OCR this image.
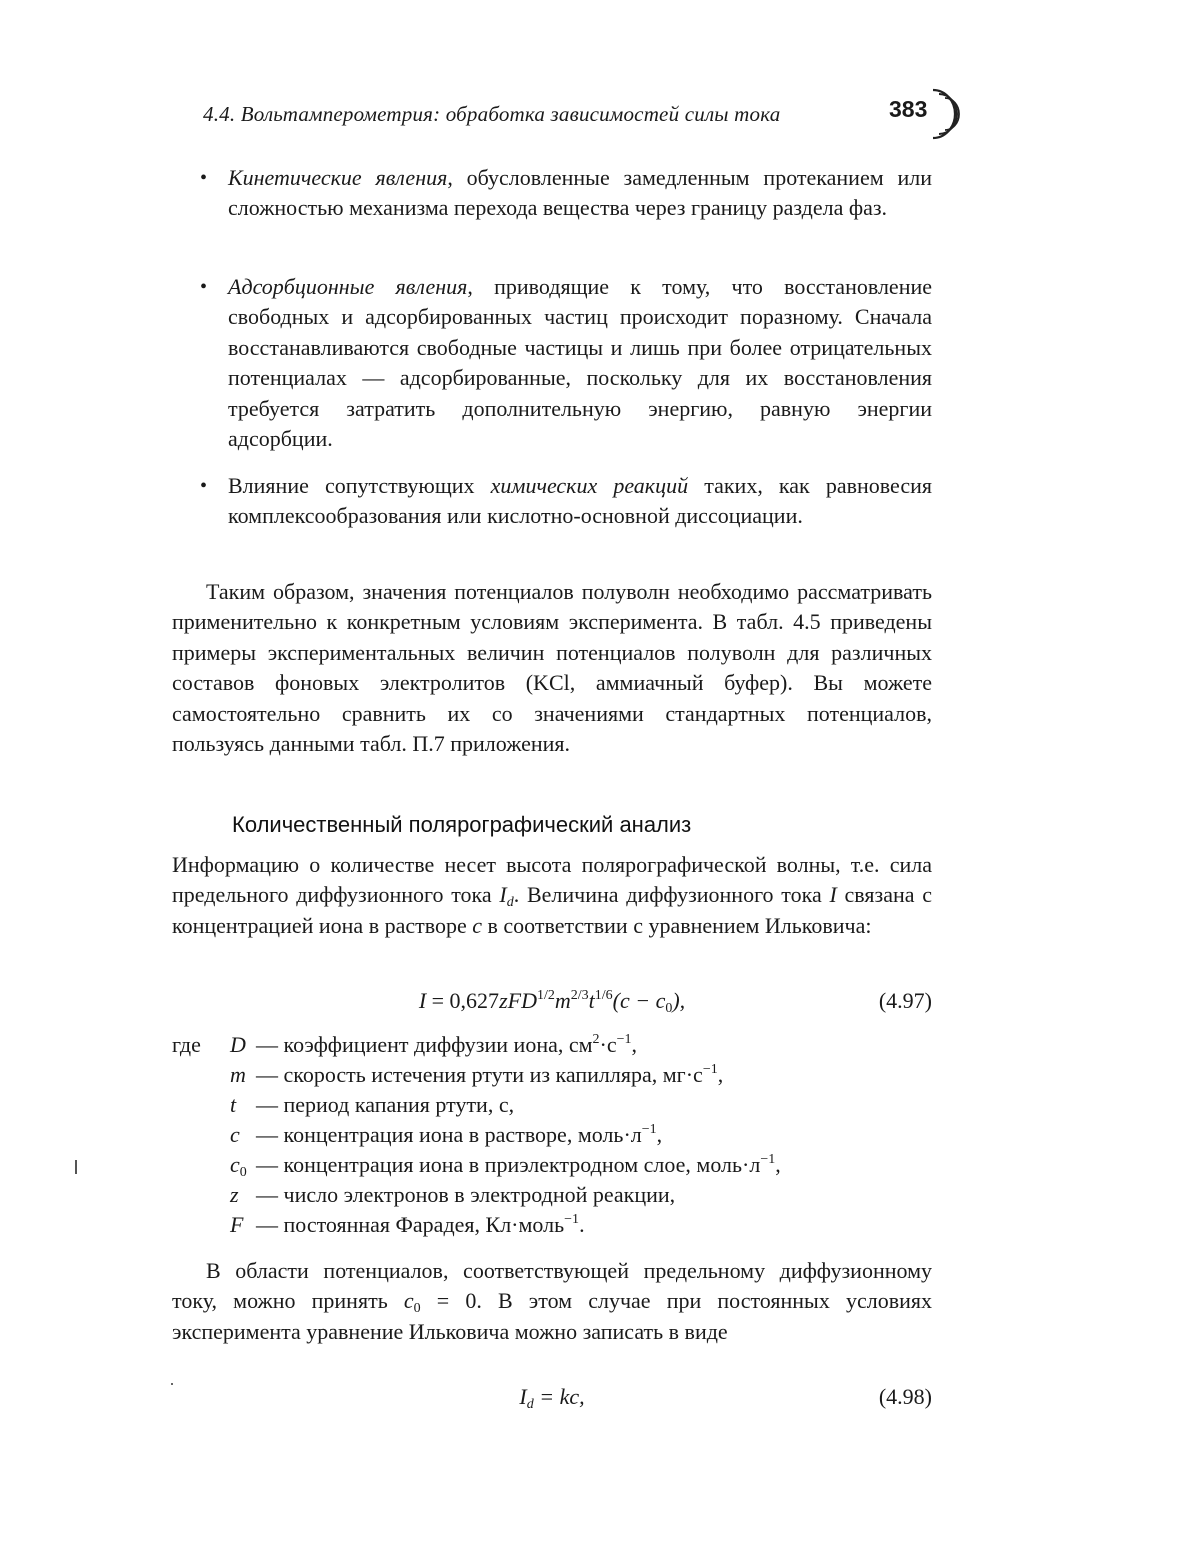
4.4. Вольтамперометрия: обработка зависимостей силы тока	383
• Кинетические явления, обусловленные замедленным протеканием или сложностью механизма перехода вещества через границу раздела фаз.
• Адсорбционные явления, приводящие к тому, что восстановление свободных и адсорбированных частиц происходит поразному. Сначала восстанавливаются свободные частицы и лишь при более отрицательных потенциалах — адсорбированные, поскольку для их восстановления требуется затратить дополнительную энергию, равную энергии адсорбции.
• Влияние сопутствующих химических реакций таких, как равновесия комплексообразования или кислотно-основной диссоциации.
Таким образом, значения потенциалов полуволн необходимо рассматривать применительно к конкретным условиям эксперимента. В табл. 4.5 приведены примеры экспериментальных величин потенциалов полуволн для различных составов фоновых электролитов (KCl, аммиачный буфер). Вы можете самостоятельно сравнить их со значениями стандартных потенциалов, пользуясь данными табл. П.7 приложения.
Количественный полярографический анализ
Информацию о количестве несет высота полярографической волны, т.е. сила предельного диффузионного тока $I_d$. Величина диффузионного тока I связана с концентрацией иона в растворе c в соответствии с уравнением Ильковича:
$I = 0,627zFD^{1/2}m^{2/3}t^{1/6}(c - c_0)$,	(4.97)
где D — коэффициент диффузии иона, $см^2\cdot с^{-1}$,
m — скорость истечения ртути из капилляра, $мг\cdot с^{-1}$,
t — период капания ртути, с,
c — концентрация иона в растворе, $моль\cdot л^{-1}$,
$c_0$ — концентрация иона в приэлектродном слое, $моль\cdot л^{-1}$,
z — число электронов в электродной реакции,
F — постоянная Фарадея, Кл·моль$^{-1}$.
В области потенциалов, соответствующей предельному диффузионному току, можно принять $c_0 = 0$. В этом случае при постоянных условиях эксперимента уравнение Ильковича можно записать в виде
$I_d$ = kc,	(4.98)
